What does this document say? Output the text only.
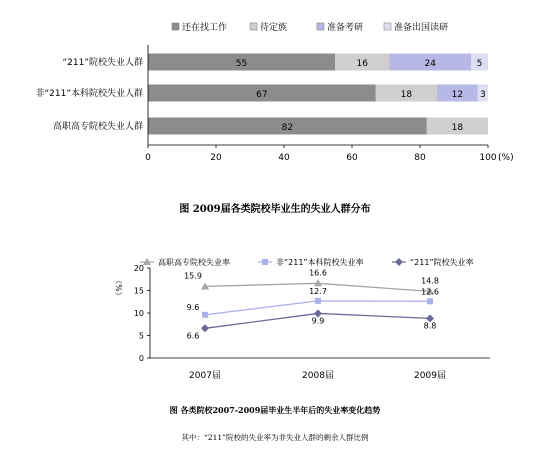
还在找工作	待定族	准备考研	准备出国读研
“211”院校失业人群	55	16	24	5
非“211”本科院校失业人群	67	18	12 3
高职高专院校失业人群	82	18
0	20	40	60	80	100 (%)
图 2009届各类院校毕业生的失业人群分布
高职高专院校失业率	非“211”本科院校失业率	“211”院校失业率
0
5
10
15
20
（%）
2007届	2008届	2009届
15.9	16.6
14.8
9.6
12.7	12.6
6.6
9.9
8.8
图 各类院校2007-2009届毕业生半年后的失业率变化趋势
其中：“211”院校的失业率为非失业人群的剩余人群比例
